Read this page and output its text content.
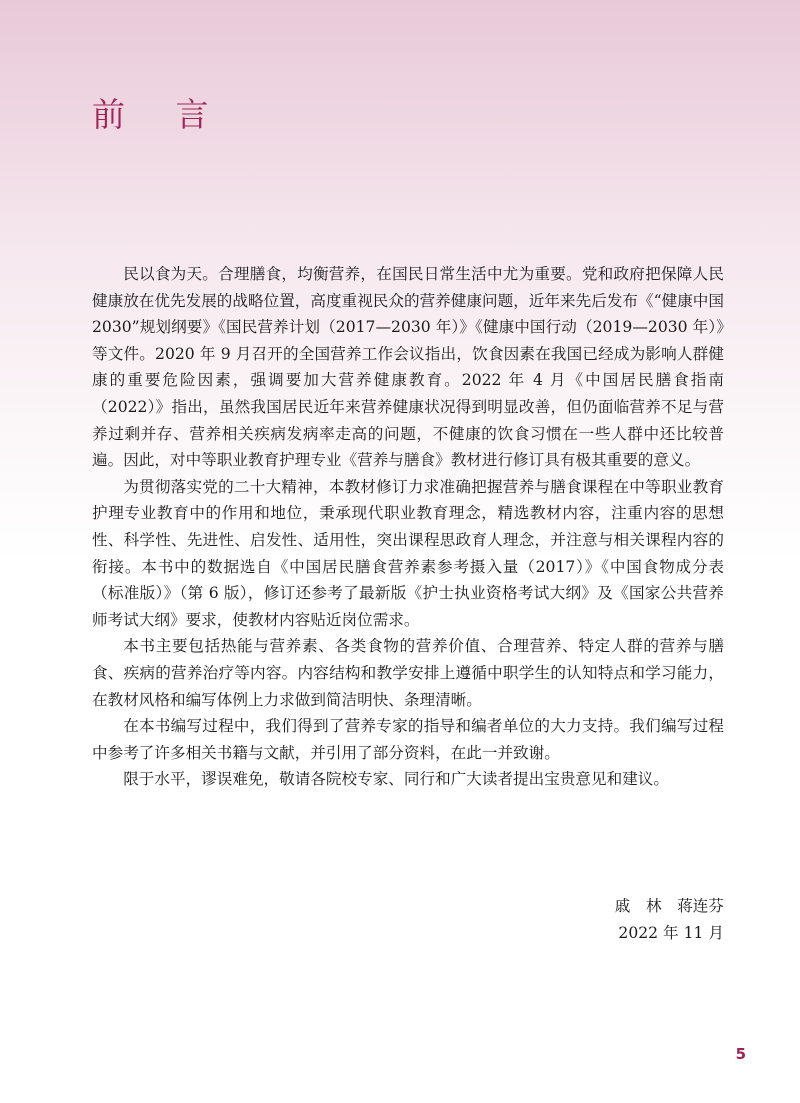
前 言

民以食为天。合理膳食，均衡营养，在国民日常生活中尤为重要。党和政府把保障人民健康放在优先发展的战略位置，高度重视民众的营养健康问题，近年来先后发布《“健康中国 2030”规划纲要》《国民营养计划（2017—2030 年）》《健康中国行动（2019—2030 年）》等文件。2020 年 9 月召开的全国营养工作会议指出，饮食因素在我国已经成为影响人群健康的重要危险因素，强调要加大营养健康教育。2022 年 4 月《中国居民膳食指南（2022）》指出，虽然我国居民近年来营养健康状况得到明显改善，但仍面临营养不足与营养过剩并存、营养相关疾病发病率走高的问题，不健康的饮食习惯在一些人群中还比较普遍。因此，对中等职业教育护理专业《营养与膳食》教材进行修订具有极其重要的意义。

为贯彻落实党的二十大精神，本教材修订力求准确把握营养与膳食课程在中等职业教育护理专业教育中的作用和地位，秉承现代职业教育理念，精选教材内容，注重内容的思想性、科学性、先进性、启发性、适用性，突出课程思政育人理念，并注意与相关课程内容的衔接。本书中的数据选自《中国居民膳食营养素参考摄入量（2017）》《中国食物成分表（标准版）》（第 6 版），修订还参考了最新版《护士执业资格考试大纲》及《国家公共营养师考试大纲》要求，使教材内容贴近岗位需求。

本书主要包括热能与营养素、各类食物的营养价值、合理营养、特定人群的营养与膳食、疾病的营养治疗等内容。内容结构和教学安排上遵循中职学生的认知特点和学习能力，在教材风格和编写体例上力求做到简洁明快、条理清晰。

在本书编写过程中，我们得到了营养专家的指导和编者单位的大力支持。我们编写过程中参考了许多相关书籍与文献，并引用了部分资料，在此一并致谢。

限于水平，谬误难免，敬请各院校专家、同行和广大读者提出宝贵意见和建议。

戚　林　 蒋连芬
2022 年 11 月
5
